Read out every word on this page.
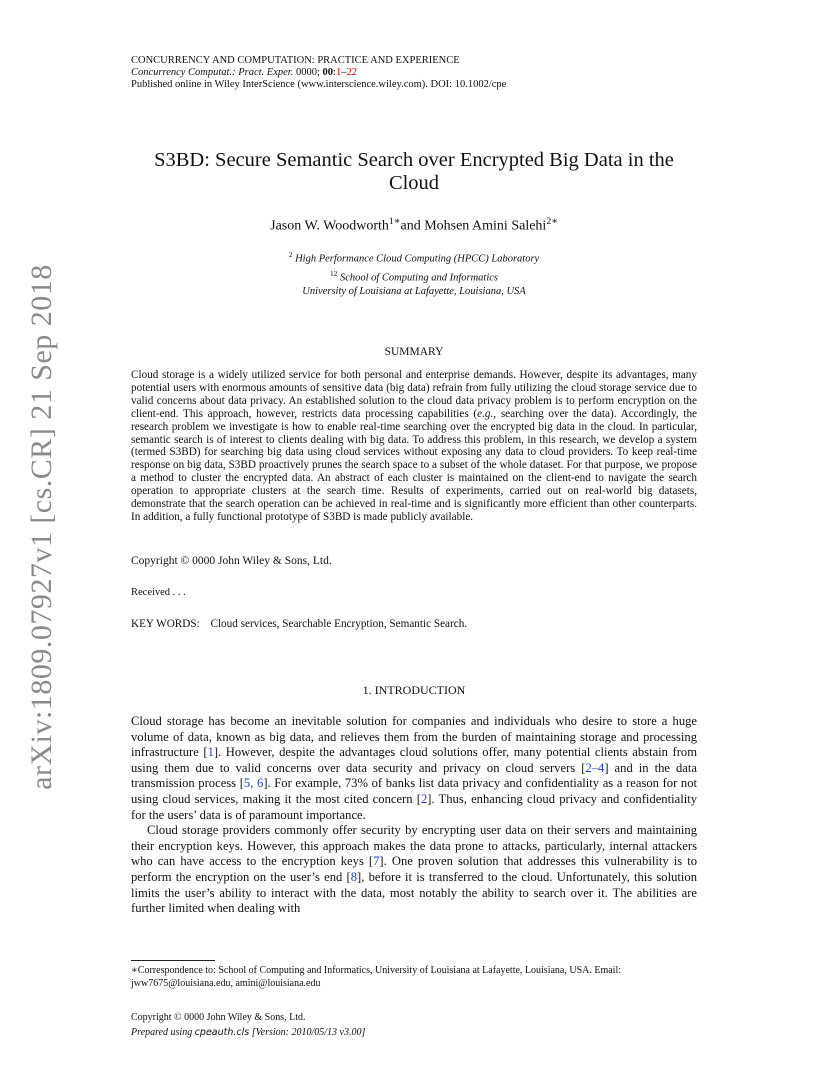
CONCURRENCY AND COMPUTATION: PRACTICE AND EXPERIENCE
Concurrency Computat.: Pract. Exper. 0000; 00:1–22
Published online in Wiley InterScience (www.interscience.wiley.com). DOI: 10.1002/cpe
arXiv:1809.07927v1 [cs.CR] 21 Sep 2018
S3BD: Secure Semantic Search over Encrypted Big Data in the Cloud
Jason W. Woodworth$^{1∗}$and Mohsen Amini Salehi$^{2∗}$
$^2$ High Performance Cloud Computing (HPCC) Laboratory
$^{12}$ School of Computing and Informatics
University of Louisiana at Lafayette, Louisiana, USA
SUMMARY

Cloud storage is a widely utilized service for both personal and enterprise demands. However, despite its advantages, many potential users with enormous amounts of sensitive data (big data) refrain from fully utilizing the cloud storage service due to valid concerns about data privacy. An established solution to the cloud data privacy problem is to perform encryption on the client-end. This approach, however, restricts data processing capabilities (e.g., searching over the data). Accordingly, the research problem we investigate is how to enable real-time searching over the encrypted big data in the cloud. In particular, semantic search is of interest to clients dealing with big data. To address this problem, in this research, we develop a system (termed S3BD) for searching big data using cloud services without exposing any data to cloud providers. To keep real-time response on big data, S3BD proactively prunes the search space to a subset of the whole dataset. For that purpose, we propose a method to cluster the encrypted data. An abstract of each cluster is maintained on the client-end to navigate the search operation to appropriate clusters at the search time. Results of experiments, carried out on real-world big datasets, demonstrate that the search operation can be achieved in real-time and is significantly more efficient than other counterparts. In addition, a fully functional prototype of S3BD is made publicly available.

Copyright © 0000 John Wiley & Sons, Ltd.
Received . . .
KEY WORDS: Cloud services, Searchable Encryption, Semantic Search.
1. INTRODUCTION

Cloud storage has become an inevitable solution for companies and individuals who desire to store a huge volume of data, known as big data, and relieves them from the burden of maintaining storage and processing infrastructure [1]. However, despite the advantages cloud solutions offer, many potential clients abstain from using them due to valid concerns over data security and privacy on cloud servers [2–4] and in the data transmission process [5, 6]. For example, 73% of banks list data privacy and confidentiality as a reason for not using cloud services, making it the most cited concern [2]. Thus, enhancing cloud privacy and confidentiality for the users’ data is of paramount importance.

Cloud storage providers commonly offer security by encrypting user data on their servers and maintaining their encryption keys. However, this approach makes the data prone to attacks, particularly, internal attackers who can have access to the encryption keys [7]. One proven solution that addresses this vulnerability is to perform the encryption on the user’s end [8], before it is transferred to the cloud. Unfortunately, this solution limits the user’s ability to interact with the data, most notably the ability to search over it. The abilities are further limited when dealing with

∗Correspondence to: School of Computing and Informatics, University of Louisiana at Lafayette, Louisiana, USA. Email: jww7675@louisiana.edu, amini@louisiana.edu
Copyright © 0000 John Wiley & Sons, Ltd.
Prepared using cpeauth.cls [Version: 2010/05/13 v3.00]
